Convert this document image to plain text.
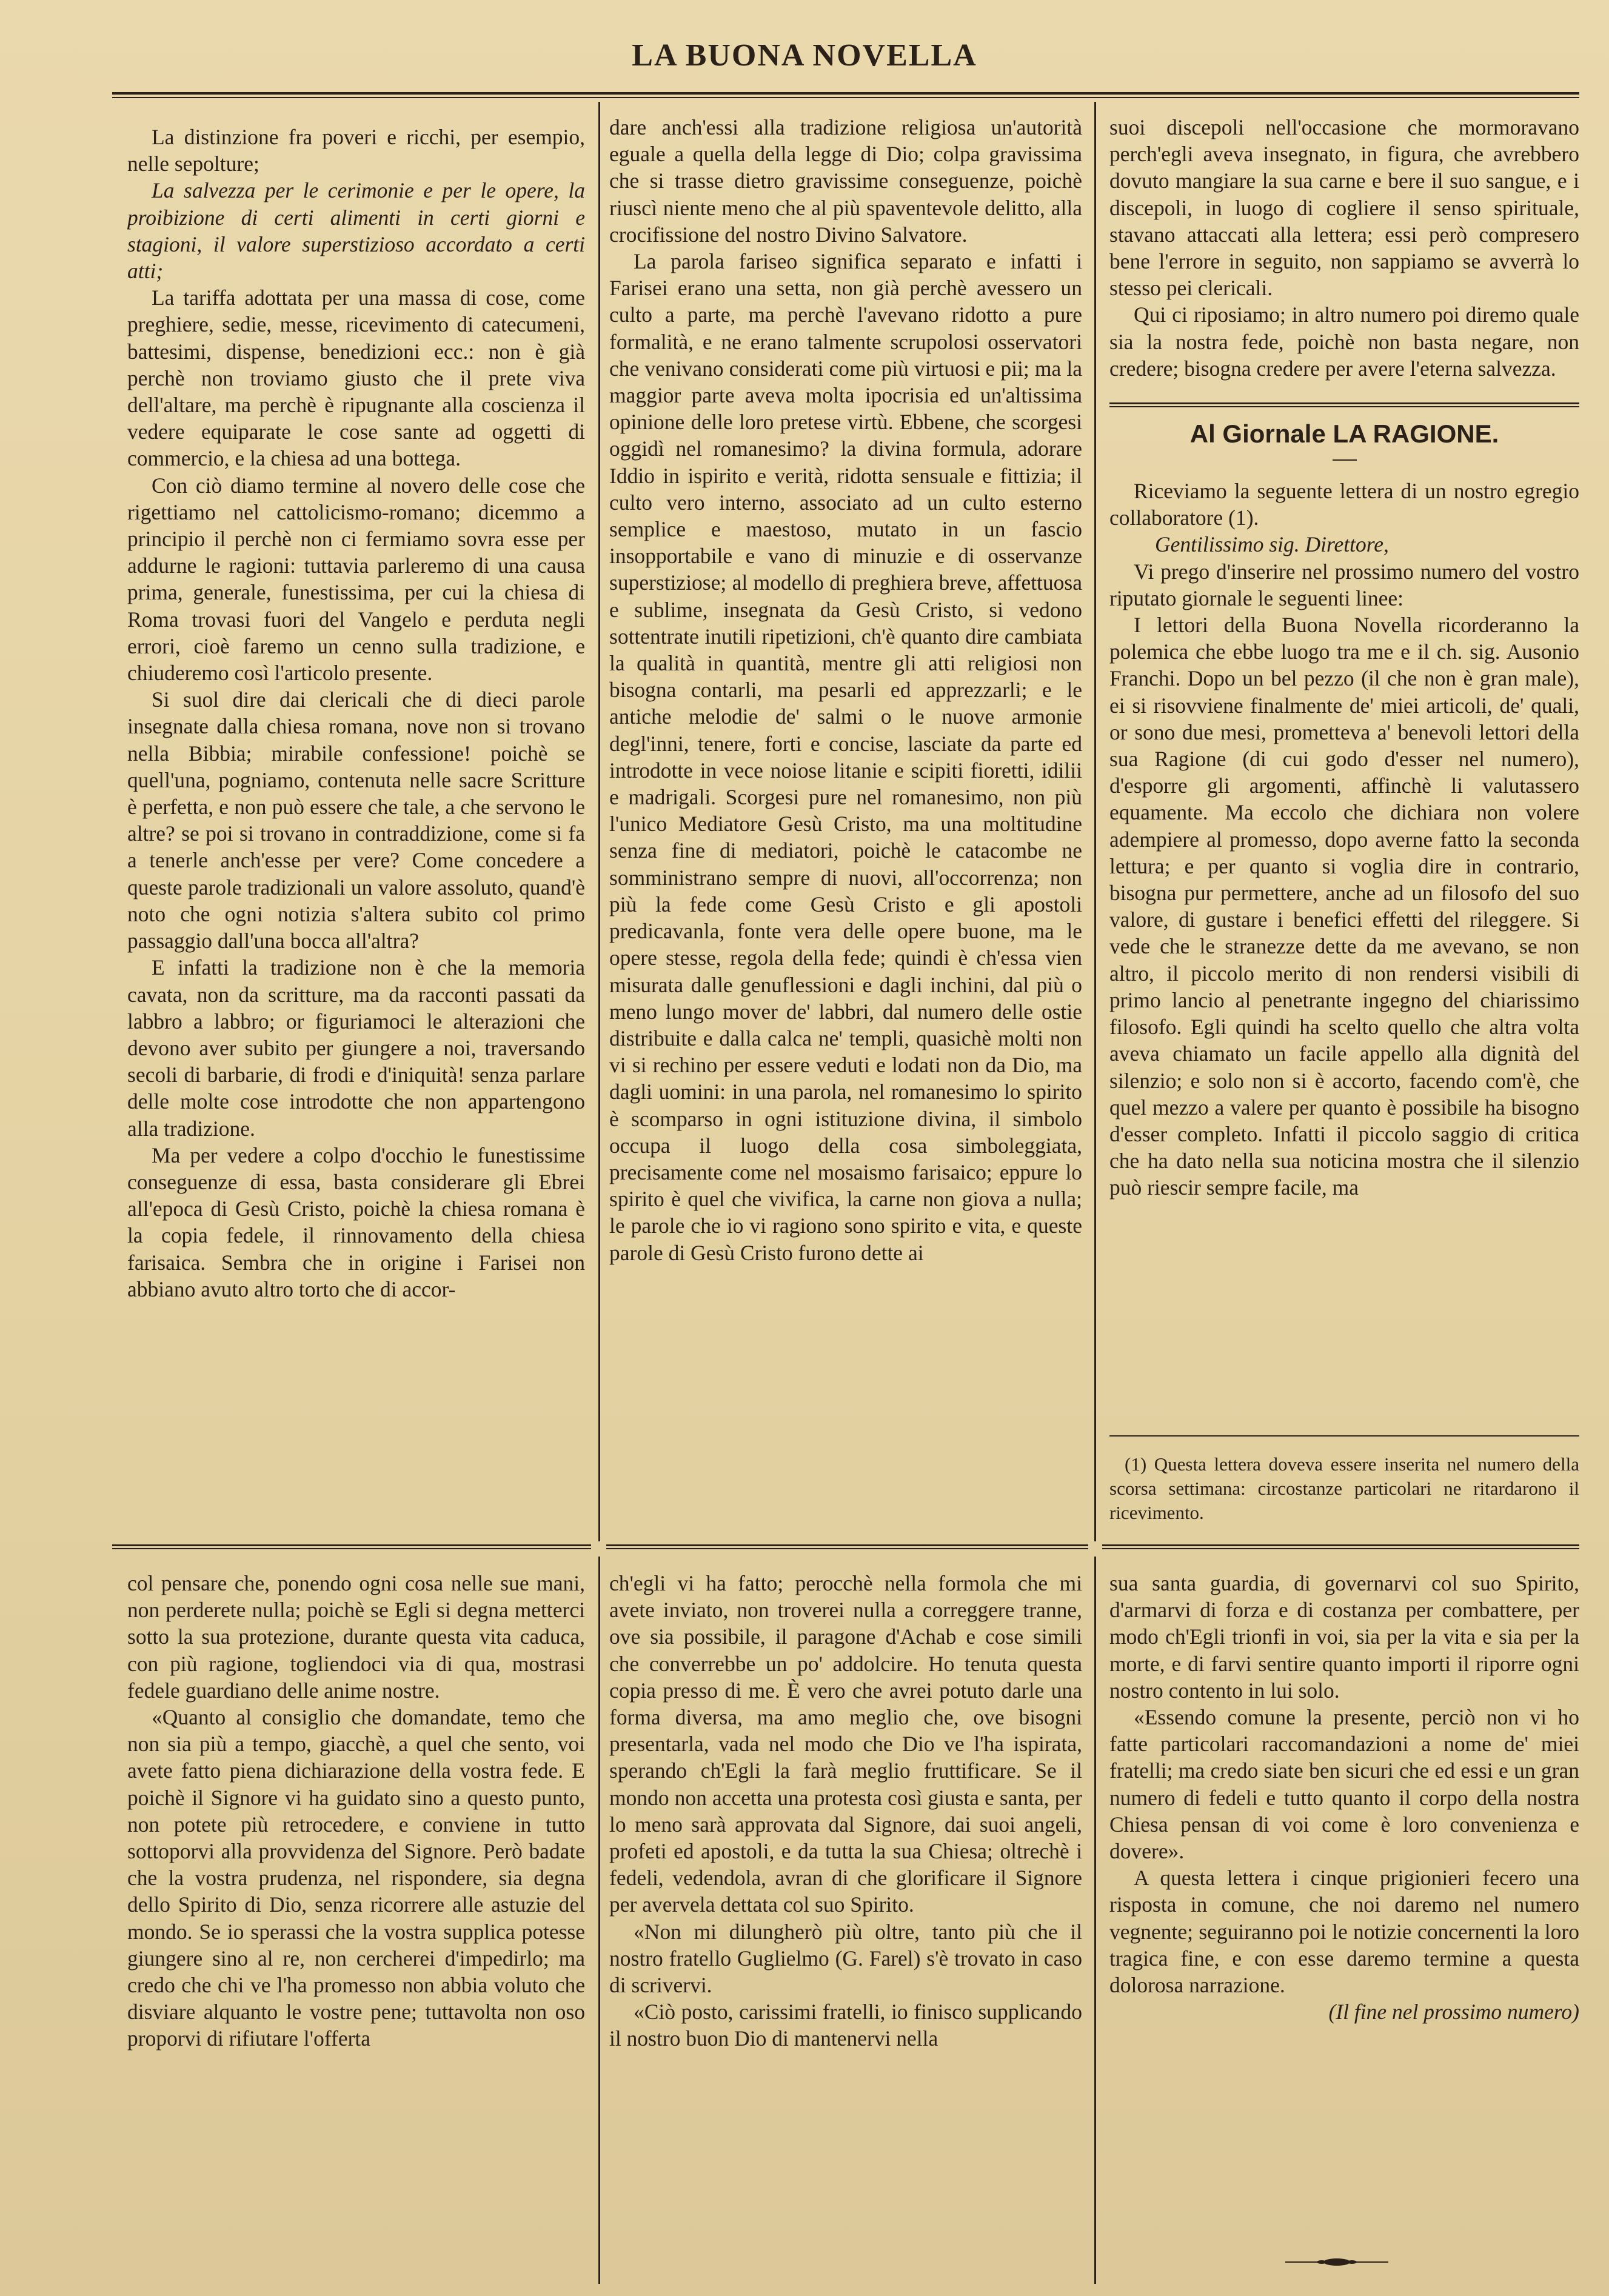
LA BUONA NOVELLA

La distinzione fra poveri e ricchi, per esempio, nelle sepolture;

La salvezza per le cerimonie e per le opere, la proibizione di certi alimenti in certi giorni e stagioni, il valore superstizioso accordato a certi atti;

La tariffa adottata per una massa di cose, come preghiere, sedie, messe, ricevimento di catecumeni, battesimi, dispense, benedizioni ecc.: non è già perchè non troviamo giusto che il prete viva dell'altare, ma perchè è ripugnante alla coscienza il vedere equiparate le cose sante ad oggetti di commercio, e la chiesa ad una bottega.

Con ciò diamo termine al novero delle cose che rigettiamo nel cattolicismo-romano; dicemmo a principio il perchè non ci fermiamo sovra esse per addurne le ragioni: tuttavia parleremo di una causa prima, generale, funestissima, per cui la chiesa di Roma trovasi fuori del Vangelo e perduta negli errori, cioè faremo un cenno sulla tradizione, e chiuderemo così l'articolo presente.

Si suol dire dai clericali che di dieci parole insegnate dalla chiesa romana, nove non si trovano nella Bibbia; mirabile confessione! poichè se quell'una, pogniamo, contenuta nelle sacre Scritture è perfetta, e non può essere che tale, a che servono le altre? se poi si trovano in contraddizione, come si fa a tenerle anch'esse per vere? Come concedere a queste parole tradizionali un valore assoluto, quand'è noto che ogni notizia s'altera subito col primo passaggio dall'una bocca all'altra?

E infatti la tradizione non è che la memoria cavata, non da scritture, ma da racconti passati da labbro a labbro; or figuriamoci le alterazioni che devono aver subito per giungere a noi, traversando secoli di barbarie, di frodi e d'iniquità! senza parlare delle molte cose introdotte che non appartengono alla tradizione.

Ma per vedere a colpo d'occhio le funestissime conseguenze di essa, basta considerare gli Ebrei all'epoca di Gesù Cristo, poichè la chiesa romana è la copia fedele, il rinnovamento della chiesa farisaica. Sembra che in origine i Farisei non abbiano avuto altro torto che di accor-

dare anch'essi alla tradizione religiosa un'autorità eguale a quella della legge di Dio; colpa gravissima che si trasse dietro gravissime conseguenze, poichè riuscì niente meno che al più spaventevole delitto, alla crocifissione del nostro Divino Salvatore.

La parola fariseo significa separato e infatti i Farisei erano una setta, non già perchè avessero un culto a parte, ma perchè l'avevano ridotto a pure formalità, e ne erano talmente scrupolosi osservatori che venivano considerati come più virtuosi e pii; ma la maggior parte aveva molta ipocrisia ed un'altissima opinione delle loro pretese virtù. Ebbene, che scorgesi oggidì nel romanesimo? la divina formula, adorare Iddio in ispirito e verità, ridotta sensuale e fittizia; il culto vero interno, associato ad un culto esterno semplice e maestoso, mutato in un fascio insopportabile e vano di minuzie e di osservanze superstiziose; al modello di preghiera breve, affettuosa e sublime, insegnata da Gesù Cristo, si vedono sottentrate inutili ripetizioni, ch'è quanto dire cambiata la qualità in quantità, mentre gli atti religiosi non bisogna contarli, ma pesarli ed apprezzarli; e le antiche melodie de' salmi o le nuove armonie degl'inni, tenere, forti e concise, lasciate da parte ed introdotte in vece noiose litanie e scipiti fioretti, idilii e madrigali. Scorgesi pure nel romanesimo, non più l'unico Mediatore Gesù Cristo, ma una moltitudine senza fine di mediatori, poichè le catacombe ne somministrano sempre di nuovi, all'occorrenza; non più la fede come Gesù Cristo e gli apostoli predicavanla, fonte vera delle opere buone, ma le opere stesse, regola della fede; quindi è ch'essa vien misurata dalle genuflessioni e dagli inchini, dal più o meno lungo mover de' labbri, dal numero delle ostie distribuite e dalla calca ne' templi, quasichè molti non vi si rechino per essere veduti e lodati non da Dio, ma dagli uomini: in una parola, nel romanesimo lo spirito è scomparso in ogni istituzione divina, il simbolo occupa il luogo della cosa simboleggiata, precisamente come nel mosaismo farisaico; eppure lo spirito è quel che vivifica, la carne non giova a nulla; le parole che io vi ragiono sono spirito e vita, e queste parole di Gesù Cristo furono dette ai

suoi discepoli nell'occasione che mormoravano perch'egli aveva insegnato, in figura, che avrebbero dovuto mangiare la sua carne e bere il suo sangue, e i discepoli, in luogo di cogliere il senso spirituale, stavano attaccati alla lettera; essi però compresero bene l'errore in seguito, non sappiamo se avverrà lo stesso pei clericali.

Qui ci riposiamo; in altro numero poi diremo quale sia la nostra fede, poichè non basta negare, non credere; bisogna credere per avere l'eterna salvezza.

Al Giornale LA RAGIONE.

Riceviamo la seguente lettera di un nostro egregio collaboratore (1).

Gentilissimo sig. Direttore,

Vi prego d'inserire nel prossimo numero del vostro riputato giornale le seguenti linee:

I lettori della Buona Novella ricorderanno la polemica che ebbe luogo tra me e il ch. sig. Ausonio Franchi. Dopo un bel pezzo (il che non è gran male), ei si risovviene finalmente de' miei articoli, de' quali, or sono due mesi, prometteva a' benevoli lettori della sua Ragione (di cui godo d'esser nel numero), d'esporre gli argomenti, affinchè li valutassero equamente. Ma eccolo che dichiara non volere adempiere al promesso, dopo averne fatto la seconda lettura; e per quanto si voglia dire in contrario, bisogna pur permettere, anche ad un filosofo del suo valore, di gustare i benefici effetti del rileggere. Si vede che le stranezze dette da me avevano, se non altro, il piccolo merito di non rendersi visibili di primo lancio al penetrante ingegno del chiarissimo filosofo. Egli quindi ha scelto quello che altra volta aveva chiamato un facile appello alla dignità del silenzio; e solo non si è accorto, facendo com'è, che quel mezzo a valere per quanto è possibile ha bisogno d'esser completo. Infatti il piccolo saggio di critica che ha dato nella sua noticina mostra che il silenzio può riescir sempre facile, ma

(1) Questa lettera doveva essere inserita nel numero della scorsa settimana: circostanze particolari ne ritardarono il ricevimento.

col pensare che, ponendo ogni cosa nelle sue mani, non perderete nulla; poichè se Egli si degna metterci sotto la sua protezione, durante questa vita caduca, con più ragione, togliendoci via di qua, mostrasi fedele guardiano delle anime nostre.

«Quanto al consiglio che domandate, temo che non sia più a tempo, giacchè, a quel che sento, voi avete fatto piena dichiarazione della vostra fede. E poichè il Signore vi ha guidato sino a questo punto, non potete più retrocedere, e conviene in tutto sottoporvi alla provvidenza del Signore. Però badate che la vostra prudenza, nel rispondere, sia degna dello Spirito di Dio, senza ricorrere alle astuzie del mondo. Se io sperassi che la vostra supplica potesse giungere sino al re, non cercherei d'impedirlo; ma credo che chi ve l'ha promesso non abbia voluto che disviare alquanto le vostre pene; tuttavolta non oso proporvi di rifiutare l'offerta

ch'egli vi ha fatto; perocchè nella formola che mi avete inviato, non troverei nulla a correggere tranne, ove sia possibile, il paragone d'Achab e cose simili che converrebbe un po' addolcire. Ho tenuta questa copia presso di me. È vero che avrei potuto darle una forma diversa, ma amo meglio che, ove bisogni presentarla, vada nel modo che Dio ve l'ha ispirata, sperando ch'Egli la farà meglio fruttificare. Se il mondo non accetta una protesta così giusta e santa, per lo meno sarà approvata dal Signore, dai suoi angeli, profeti ed apostoli, e da tutta la sua Chiesa; oltrechè i fedeli, vedendola, avran di che glorificare il Signore per avervela dettata col suo Spirito.

«Non mi dilungherò più oltre, tanto più che il nostro fratello Guglielmo (G. Farel) s'è trovato in caso di scrivervi.

«Ciò posto, carissimi fratelli, io finisco supplicando il nostro buon Dio di mantenervi nella

sua santa guardia, di governarvi col suo Spirito, d'armarvi di forza e di costanza per combattere, per modo ch'Egli trionfi in voi, sia per la vita e sia per la morte, e di farvi sentire quanto importi il riporre ogni nostro contento in lui solo.

«Essendo comune la presente, perciò non vi ho fatte particolari raccomandazioni a nome de' miei fratelli; ma credo siate ben sicuri che ed essi e un gran numero di fedeli e tutto quanto il corpo della nostra Chiesa pensan di voi come è loro convenienza e dovere».

A questa lettera i cinque prigionieri fecero una risposta in comune, che noi daremo nel numero vegnente; seguiranno poi le notizie concernenti la loro tragica fine, e con esse daremo termine a questa dolorosa narrazione.

(Il fine nel prossimo numero)
